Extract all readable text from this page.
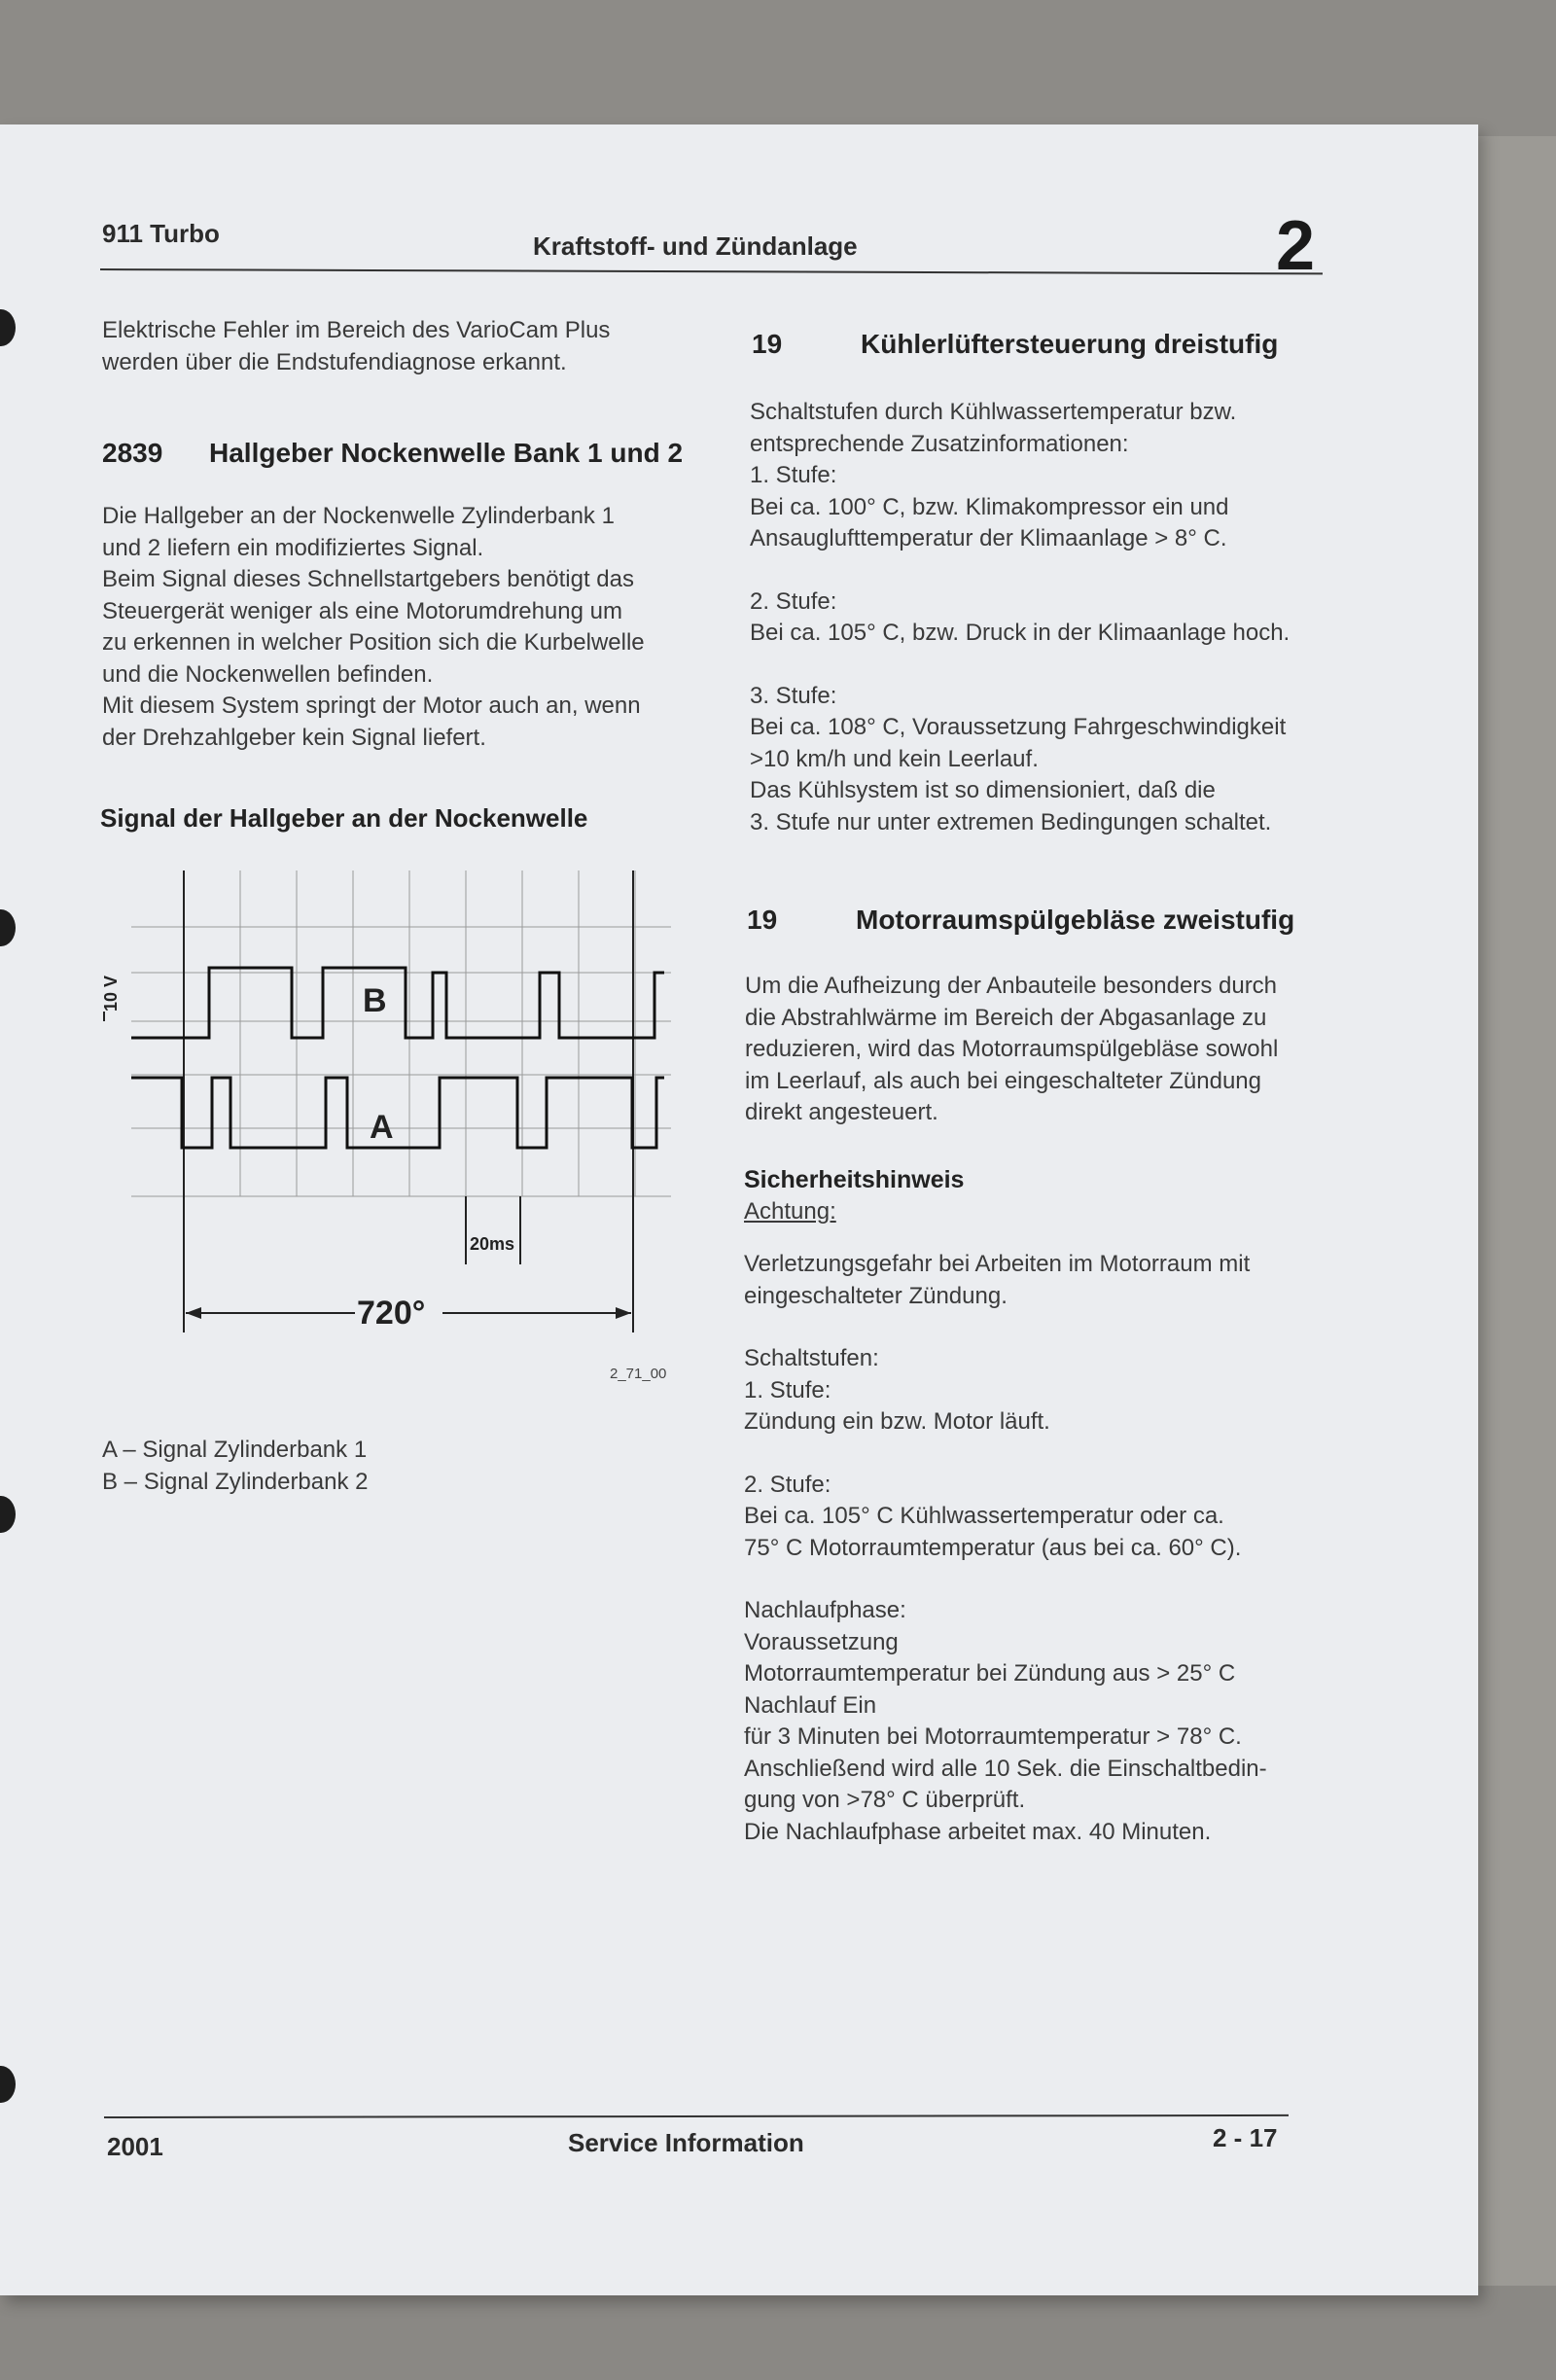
911 Turbo	Kraftstoff- und Zündanlage	2

Elektrische Fehler im Bereich des VarioCam Plus

werden über die Endstufendiagnose erkannt.

2839 Hallgeber Nockenwelle Bank 1 und 2

Die Hallgeber an der Nockenwelle Zylinderbank 1

und 2 liefern ein modifiziertes Signal.

Beim Signal dieses Schnellstartgebers benötigt das

Steuergerät weniger als eine Motorumdrehung um

zu erkennen in welcher Position sich die Kurbelwelle

und die Nockenwellen befinden.

Mit diesem System springt der Motor auch an, wenn

der Drehzahlgeber kein Signal liefert.

Signal der Hallgeber an der Nockenwelle
10 V	B
A
20ms
720°
2_71_00

A – Signal Zylinderbank 1

B – Signal Zylinderbank 2

19	Kühlerlüftersteuerung dreistufig

Schaltstufen durch Kühlwassertemperatur bzw.

entsprechende Zusatzinformationen:

1. Stufe:

Bei ca. 100° C, bzw. Klimakompressor ein und

Ansauglufttemperatur der Klimaanlage > 8° C.

2. Stufe:

Bei ca. 105° C, bzw. Druck in der Klimaanlage hoch.

3. Stufe:

Bei ca. 108° C, Voraussetzung Fahrgeschwindigkeit

>10 km/h und kein Leerlauf.

Das Kühlsystem ist so dimensioniert, daß die

3. Stufe nur unter extremen Bedingungen schaltet.

19	Motorraumspülgebläse zweistufig

Um die Aufheizung der Anbauteile besonders durch

die Abstrahlwärme im Bereich der Abgasanlage zu

reduzieren, wird das Motorraumspülgebläse sowohl

im Leerlauf, als auch bei eingeschalteter Zündung

direkt angesteuert.

Sicherheitshinweis

Achtung:

Verletzungsgefahr bei Arbeiten im Motorraum mit

eingeschalteter Zündung.

Schaltstufen:

1. Stufe:

Zündung ein bzw. Motor läuft.

2. Stufe:

Bei ca. 105° C Kühlwassertemperatur oder ca.

75° C Motorraumtemperatur (aus bei ca. 60° C).

Nachlaufphase:

Voraussetzung

Motorraumtemperatur bei Zündung aus > 25° C

Nachlauf Ein

für 3 Minuten bei Motorraumtemperatur > 78° C.

Anschließend wird alle 10 Sek. die Einschaltbedin-

gung von >78° C überprüft.

Die Nachlaufphase arbeitet max. 40 Minuten.

2001	Service Information	2 - 17
